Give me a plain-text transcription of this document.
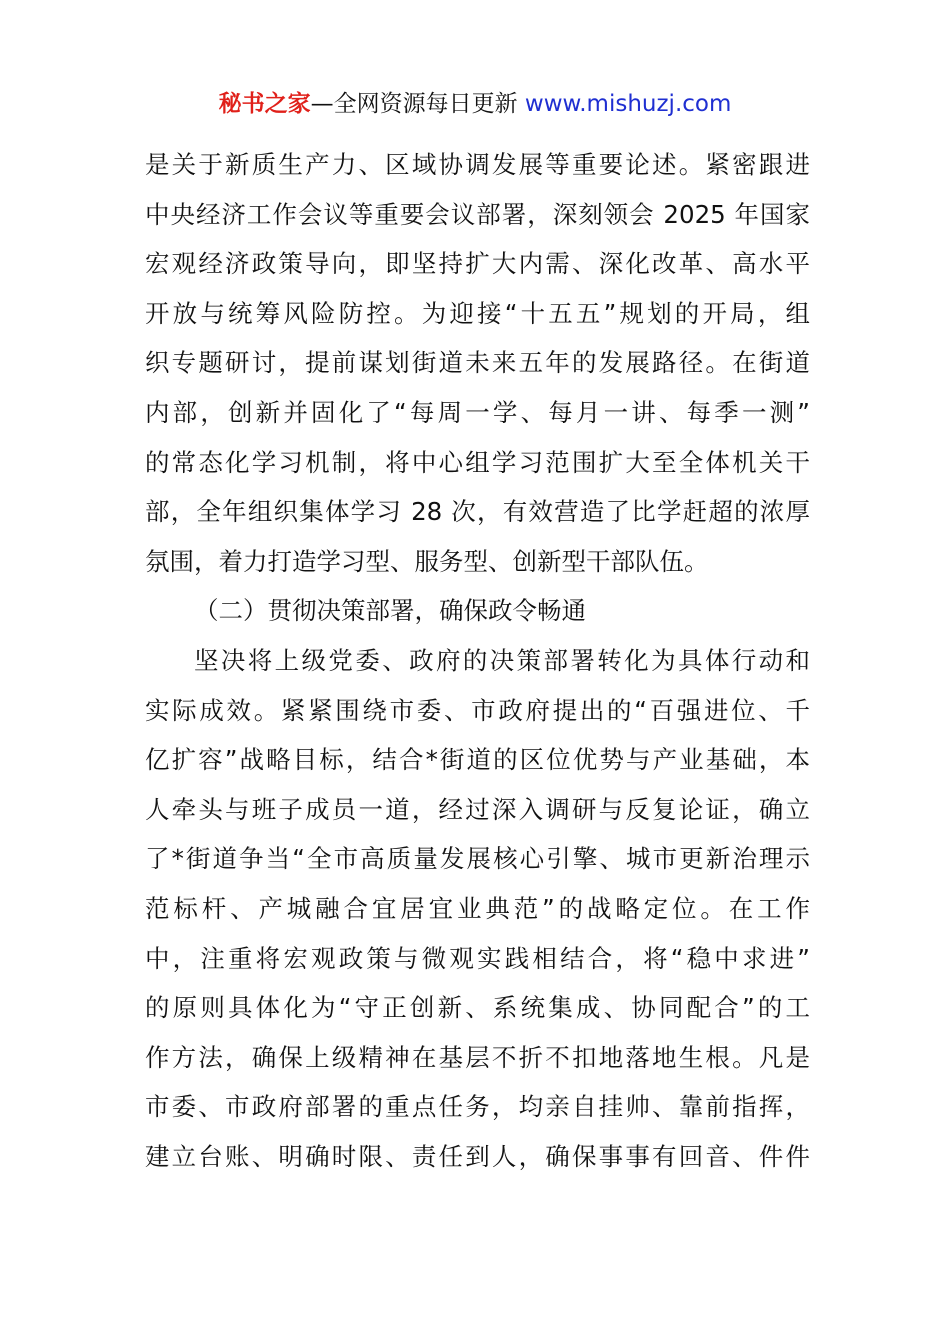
秘书之家—全网资源每日更新 www.mishuzj.com
是关于新质生产力、区域协调发展等重要论述。紧密跟进
中央经济工作会议等重要会议部署，深刻领会 2025 年国家
宏观经济政策导向，即坚持扩大内需、深化改革、高水平
开放与统筹风险防控。为迎接“十五五”规划的开局，组
织专题研讨，提前谋划街道未来五年的发展路径。在街道
内部，创新并固化了“每周一学、每月一讲、每季一测”
的常态化学习机制，将中心组学习范围扩大至全体机关干
部，全年组织集体学习 28 次，有效营造了比学赶超的浓厚
氛围，着力打造学习型、服务型、创新型干部队伍。
（二）贯彻决策部署，确保政令畅通
坚决将上级党委、政府的决策部署转化为具体行动和
实际成效。紧紧围绕市委、市政府提出的“百强进位、千
亿扩容”战略目标，结合*街道的区位优势与产业基础，本
人牵头与班子成员一道，经过深入调研与反复论证，确立
了*街道争当“全市高质量发展核心引擎、城市更新治理示
范标杆、产城融合宜居宜业典范”的战略定位。在工作
中，注重将宏观政策与微观实践相结合，将“稳中求进”
的原则具体化为“守正创新、系统集成、协同配合”的工
作方法，确保上级精神在基层不折不扣地落地生根。凡是
市委、市政府部署的重点任务，均亲自挂帅、靠前指挥，
建立台账、明确时限、责任到人，确保事事有回音、件件
